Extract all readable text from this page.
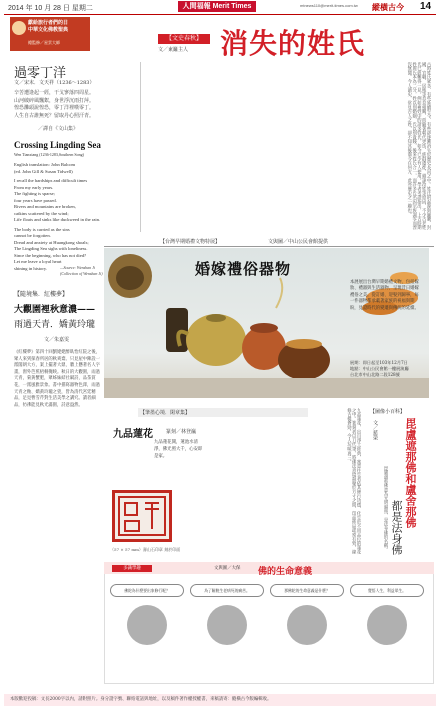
2014 年 10 月 28 日 星期二	人間福報 Merit Times	mtnews110@merit-times.com.tw 縱橫古今 14
獻給旅行者們的日
中華文化佛教聖典
總監修／星雲大師
【文史春秋】
文／東籬主人 消失的姓氏
過零丁洋
文／宋末．文天祥（1236～1283）
辛苦遭逢起一經，干戈寥落四周星。
山河破碎風飄絮，身世浮沉雨打萍。
惶恐灘頭說惶恐，零丁洋裡嘆零丁。
人生自古誰無死？留取丹心照汗青。
／譯自《文山集》
Crossing Lingding Sea
Wen Tianxiang (1236-1283,Southern Song)
English translation: John Balcom
(ed. John Gill & Susan Tidwell)
I recall the hardships and difficult times
From my early years.
The fighting is sparse;
four years have passed.
Rivers and mountains are broken,
catkins scattered by the wind;
Life floats and sinks like duckweed in the rain.
The body is carried as the sins
cannot be forgotten.
Dread and anxiety at Huangkong shoals;
The Lingding Sea sighs with loneliness.
Since the beginning, who has not died?
Let me leave a loyal heart
shining in history.	—Source: Wenshan Ji
(Collection of Wenshan Ji)
古時姓氏眾多，有些延續至今，有些卻逐漸消失於歷史長河之中。姓氏的起源與圖騰、封國、官職、居地等息息相關，而隨著朝代更迭、族群遷徙、避諱改姓等原因，不少古老姓氏已經難得一見。例如複姓中的諸多姓氏，如今已少有人使用。學者考證指出，上古時期姓與氏本為二分，姓以別婚姻，氏以別貴賤，後來姓氏合一，而許多氏名因宗族凋零而湮沒無聞。今人讀史，常見古人之姓，卻不知其後裔今在何方，此亦歷史之一趣也。
【台灣早期婚禮文物特展】	文與圖／中山公民會館提供
婚嫁禮俗器物
本展展出台灣早期婚禮文物，包括嫁妝、禮器與生活器物，呈現昔日婚嫁禮俗之美。從訂婚、迎娶到歸寧，每一件器物都承載著家族的祝福與期盼，見證時代的變遷與傳統的延續。
展期：即日起至103年12月7日
地點：中山公民會館一樓展演廳
台北市中山北路二段128號
【隨境集．紅樓夢】
大觀園裡秋意濃——
雨過天青．嬌黃玲瓏
文／朱嘉雯
《紅樓夢》第四十回劉姥姥醉臥怡紅院之後，眾人來到探春所居的秋爽齋。只見屋中陳設一派闊朗大方，案上擺著大鼎，牆上懸著名人字畫，窗外芭蕉梧桐掩映。秋日的大觀園，雨過天青，菊黃蟹肥，眾姊妹結社賦詩，品茶賞花，一派風雅景象。書中描寫器物色澤，雨過天青之釉、嬌黃玲瓏之瓷，皆為清代宮廷精品，足見曹雪芹對生活美學之講究。讀者細品，彷彿能見秋光滿園，詩意盎然。
【筆墨心境．閑章集】
九品蓮花	篆刻／林登瀛
九品蓮花開，蓮池水清淨，佛光照大千，心安即是家。
（57 × 57 mm）壽山石印章 刻於印面	九品蓮花，出自淨土經典，寓意往生者依其修行功德，化生於不同品位的蓮花之中。篆刻者以刀代筆，將佛法意境凝聚於方寸之間，印面佈局疏密有致，線條古樸蒼勁，令人玩味再三。	【圖像小百科】
毘盧遮那佛和盧舍那佛
都是法身佛
文／慈榮
毘盧遮那佛意為光明遍照，是法身佛的名稱。
多識學趣	文與圖／大保 佛的生命意義
佛陀為什麼要出家修行呢？	為了解脫生老病死的痛苦。	那佛陀的生命意義是什麼？	覺悟人生，利益眾生。
本版歡迎投稿：文長2000字以內，請附照片。身分證字號、聯絡電話與地址，以及稿件著作權授權書，來稿請寄：縱橫古今版編輯收。
